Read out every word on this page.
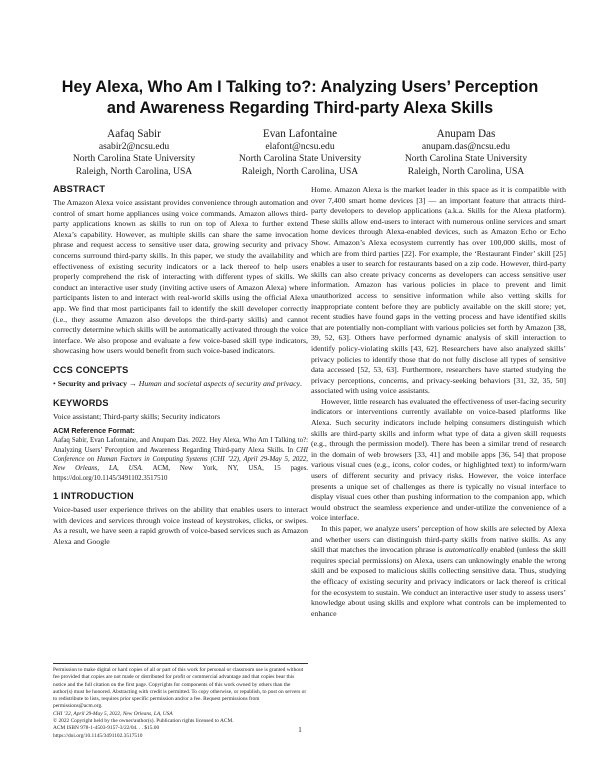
Hey Alexa, Who Am I Talking to?: Analyzing Users’ Perception
and Awareness Regarding Third-party Alexa Skills
Aafaq Sabir
asabir2@ncsu.edu
North Carolina State University
Raleigh, North Carolina, USA
Evan Lafontaine
elafont@ncsu.edu
North Carolina State University
Raleigh, North Carolina, USA
Anupam Das
anupam.das@ncsu.edu
North Carolina State University
Raleigh, North Carolina, USA
ABSTRACT

The Amazon Alexa voice assistant provides convenience through automation and control of smart home appliances using voice commands. Amazon allows third-party applications known as skills to run on top of Alexa to further extend Alexa’s capability. However, as multiple skills can share the same invocation phrase and request access to sensitive user data, growing security and privacy concerns surround third-party skills. In this paper, we study the availability and effectiveness of existing security indicators or a lack thereof to help users properly comprehend the risk of interacting with different types of skills. We conduct an interactive user study (inviting active users of Amazon Alexa) where participants listen to and interact with real-world skills using the official Alexa app. We find that most participants fail to identify the skill developer correctly (i.e., they assume Amazon also develops the third-party skills) and cannot correctly determine which skills will be automatically activated through the voice interface. We also propose and evaluate a few voice-based skill type indicators, showcasing how users would benefit from such voice-based indicators.

CCS CONCEPTS

• Security and privacy → Human and societal aspects of security and privacy.

KEYWORDS

Voice assistant; Third-party skills; Security indicators

ACM Reference Format:

Aafaq Sabir, Evan Lafontaine, and Anupam Das. 2022. Hey Alexa, Who Am I Talking to?: Analyzing Users’ Perception and Awareness Regarding Third-party Alexa Skills. In CHI Conference on Human Factors in Computing Systems (CHI ’22), April 29-May 5, 2022, New Orleans, LA, USA. ACM, New York, NY, USA, 15 pages. https://doi.org/10.1145/3491102.3517510

1 INTRODUCTION

Voice-based user experience thrives on the ability that enables users to interact with devices and services through voice instead of keystrokes, clicks, or swipes. As a result, we have seen a rapid growth of voice-based services such as Amazon Alexa and Google

Permission to make digital or hard copies of all or part of this work for personal or classroom use is granted without fee provided that copies are not made or distributed for profit or commercial advantage and that copies bear this notice and the full citation on the first page. Copyrights for components of this work owned by others than the author(s) must be honored. Abstracting with credit is permitted. To copy otherwise, or republish, to post on servers or to redistribute to lists, requires prior specific permission and/or a fee. Request permissions from permissions@acm.org.

CHI ’22, April 29-May 5, 2022, New Orleans, LA, USA

© 2022 Copyright held by the owner/author(s). Publication rights licensed to ACM.

ACM ISBN 978-1-4503-9157-3/22/04. . . $15.00

https://doi.org/10.1145/3491102.3517510

Home. Amazon Alexa is the market leader in this space as it is compatible with over 7,400 smart home devices [3] — an important feature that attracts third-party developers to develop applications (a.k.a. Skills for the Alexa platform). These skills allow end-users to interact with numerous online services and smart home devices through Alexa-enabled devices, such as Amazon Echo or Echo Show. Amazon’s Alexa ecosystem currently has over 100,000 skills, most of which are from third parties [22]. For example, the ‘Restaurant Finder’ skill [25] enables a user to search for restaurants based on a zip code. However, third-party skills can also create privacy concerns as developers can access sensitive user information. Amazon has various policies in place to prevent and limit unauthorized access to sensitive information while also vetting skills for inappropriate content before they are publicly available on the skill store; yet, recent studies have found gaps in the vetting process and have identified skills that are potentially non-compliant with various policies set forth by Amazon [38, 39, 52, 63]. Others have performed dynamic analysis of skill interaction to identify policy-violating skills [43, 62]. Researchers have also analyzed skills’ privacy policies to identify those that do not fully disclose all types of sensitive data accessed [52, 53, 63]. Furthermore, researchers have started studying the privacy perceptions, concerns, and privacy-seeking behaviors [31, 32, 35, 50] associated with using voice assistants.

However, little research has evaluated the effectiveness of user-facing security indicators or interventions currently available on voice-based platforms like Alexa. Such security indicators include helping consumers distinguish which skills are third-party skills and inform what type of data a given skill requests (e.g., through the permission model). There has been a similar trend of research in the domain of web browsers [33, 41] and mobile apps [36, 54] that propose various visual cues (e.g., icons, color codes, or highlighted text) to inform/warn users of different security and privacy risks. However, the voice interface presents a unique set of challenges as there is typically no visual interface to display visual cues other than pushing information to the companion app, which would obstruct the seamless experience and under-utilize the convenience of a voice interface.

In this paper, we analyze users’ perception of how skills are selected by Alexa and whether users can distinguish third-party skills from native skills. As any skill that matches the invocation phrase is automatically enabled (unless the skill requires special permissions) on Alexa, users can unknowingly enable the wrong skill and be exposed to malicious skills collecting sensitive data. Thus, studying the efficacy of existing security and privacy indicators or lack thereof is critical for the ecosystem to sustain. We conduct an interactive user study to assess users’ knowledge about using skills and explore what controls can be implemented to enhance

1
